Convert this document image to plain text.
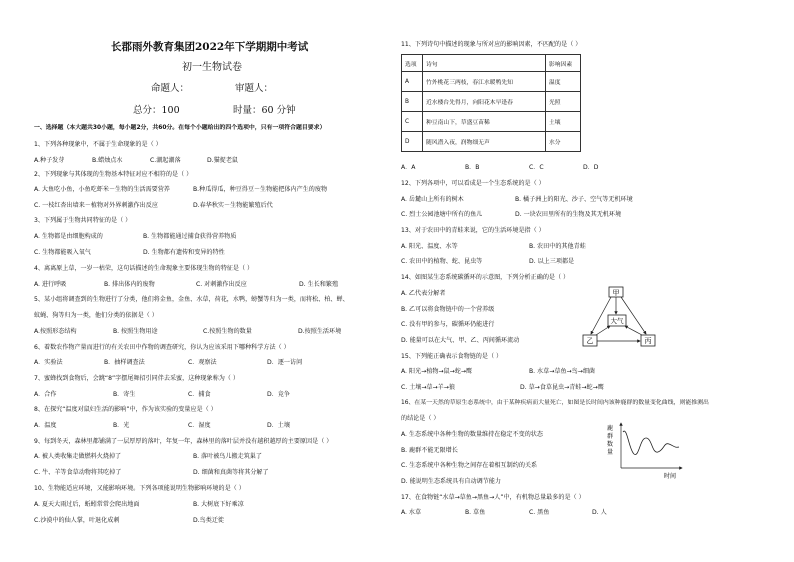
长郡雨外教育集团2022年下学期期中考试
初一生物试卷
命题人：	审题人：
总分：100	时量：60 分钟
一、选择题（本大题共30小题，每小题2分，共60分。在每个小题给出的四个选项中，只有一项符合题目要求）
1、下列各种现象中，不属于生命现象的是（ ）
A.种子发芽	B.蜡烛点水	C.潮起潮落	D.猫捉老鼠
2、下列现象与其体现的生物基本特征对应不相符的是（ ）
A. 大鱼吃小鱼，小鱼吃虾米－生物的生活需要营养	B.种瓜得瓜，种豆得豆－生物能把体内产生的废物
C. 一枝红杏出墙来－植物对外界刺激作出反应	D.春华秋实－生物能繁殖后代
3、下列属于生物共同特征的是（ ）
A. 生物都是由细胞构成的	B. 生物都能通过捕食获得营养物质
C. 生物都能吸入氧气	D. 生物都有遗传和变异的特性
4、离离原上草，一岁一枯荣，这句话描述的生命现象主要体现生物的特征是（ ）
A. 进行呼吸	B. 排出体内的废物	C. 对刺激作出反应	D. 生长和繁殖
5、某小组将调查到的生物进行了分类，他们将金鱼，金鱼、水草，荷花，水鸭，螃蟹等归为一类，而将松、柏、蝉、
蚊蝇、狗等归为一类，他们分类的依据是（ ）
A.按照形态结构	B. 按照生物用途	C.按照生物的数量	D.按照生活环境
6、着数农作物产量而进行的有关农田中作物的调查研究，你认为应该采用下哪种科学方法（ ）
A．实验法	B．抽样调查法	C．观察法	D．逐一访问
7、蜜蜂找到食物后，会跳“8”字摆尾舞招引同伴去采蜜，这种现象称为（ ）
A．合作	B．寄生	C．捕食	D．竞争
8、在探究“温度对鼠妇生活的影响”中，作为该实验的变量应是（ ）
A．温度	B．光	C．湿度	D．土壤
9、每到冬天，森林里都铺满了一层厚厚的落叶，年复一年，森林里的落叶层并没有越积越厚的主要原因是（ ）
A. 被人类收集走做燃料火烧掉了	B. 落叶被鸟儿搬走筑巢了
C. 牛、羊等食草动物将其吃掉了	D. 细菌和真菌等将其分解了
10、生物能适应环境，又能影响环境。下列各项能说明生物影响环境的是（ ）
A. 夏天大雨过后，蚯蚓常常会爬出地面	B. 大树底下好乘凉
C.沙漠中的仙人掌，叶退化成刺	D.鸟类迁徙
11、下列诗句中描述的现象与所对应的影响因素，不匹配的是（ ）
选项	诗句	影响因素
A	竹外桃花三两枝，春江水暖鸭先知	温度
B	近水楼台先得月，向阳花木早逢春	光照
C	种豆南山下，草盛豆苗稀	土壤
D	随风潜入夜，润物细无声	水分
A．A	B．B	C．C	D．D
12、下列各项中，可以看成是一个生态系统的是（ ）
A. 岳麓山上所有的树木	B. 橘子洲上的阳光、沙子、空气等无机环境
C. 烈士公园池塘中所有的鱼儿	D. 一块农田里所有的生物及其无机环境
13、对于农田中的青蛙来说，它的生活环境是指（ ）
A. 阳光、温度、水等	B. 农田中的其他青蛙
C. 农田中的植物、蛇、昆虫等	D. 以上三项都是
14、如图某生态系统碳循环的示意图，下列分析正确的是（ ）
A. 乙代表分解者
B. 乙可以将食物链中的一个营养级
C. 没有甲的参与，碳循环仍能进行
D. 能量可以在大气、甲、乙、丙间循环流动
甲
大气
乙	丙
15、下列能正确表示食物链的是（ ）
A. 阳光→植物→鼠→蛇→鹰	B. 水草→草鱼→鸟→细菌
C. 土壤→草→羊→狼	D. 草→食草昆虫→青蛙→蛇→鹰
16、在某一天然的草原生态系统中，由于某种疾病而大量死亡，如图是长时间内该种鹿群的数量变化曲线，则能推测出
的结论是（ ）
A. 生态系统中各种生物的数量维持在稳定不变的状态
B. 鹿群不能无限增长
C. 生态系统中各种生物之间存在着相互制约的关系
D. 能说明生态系统具有自动调节能力
鹿
群
数
量
时间
17、在食物链“水草→草鱼→黑鱼→人”中，有机物总量最多的是（ ）
A. 水草	B. 草鱼	C. 黑鱼	D. 人
